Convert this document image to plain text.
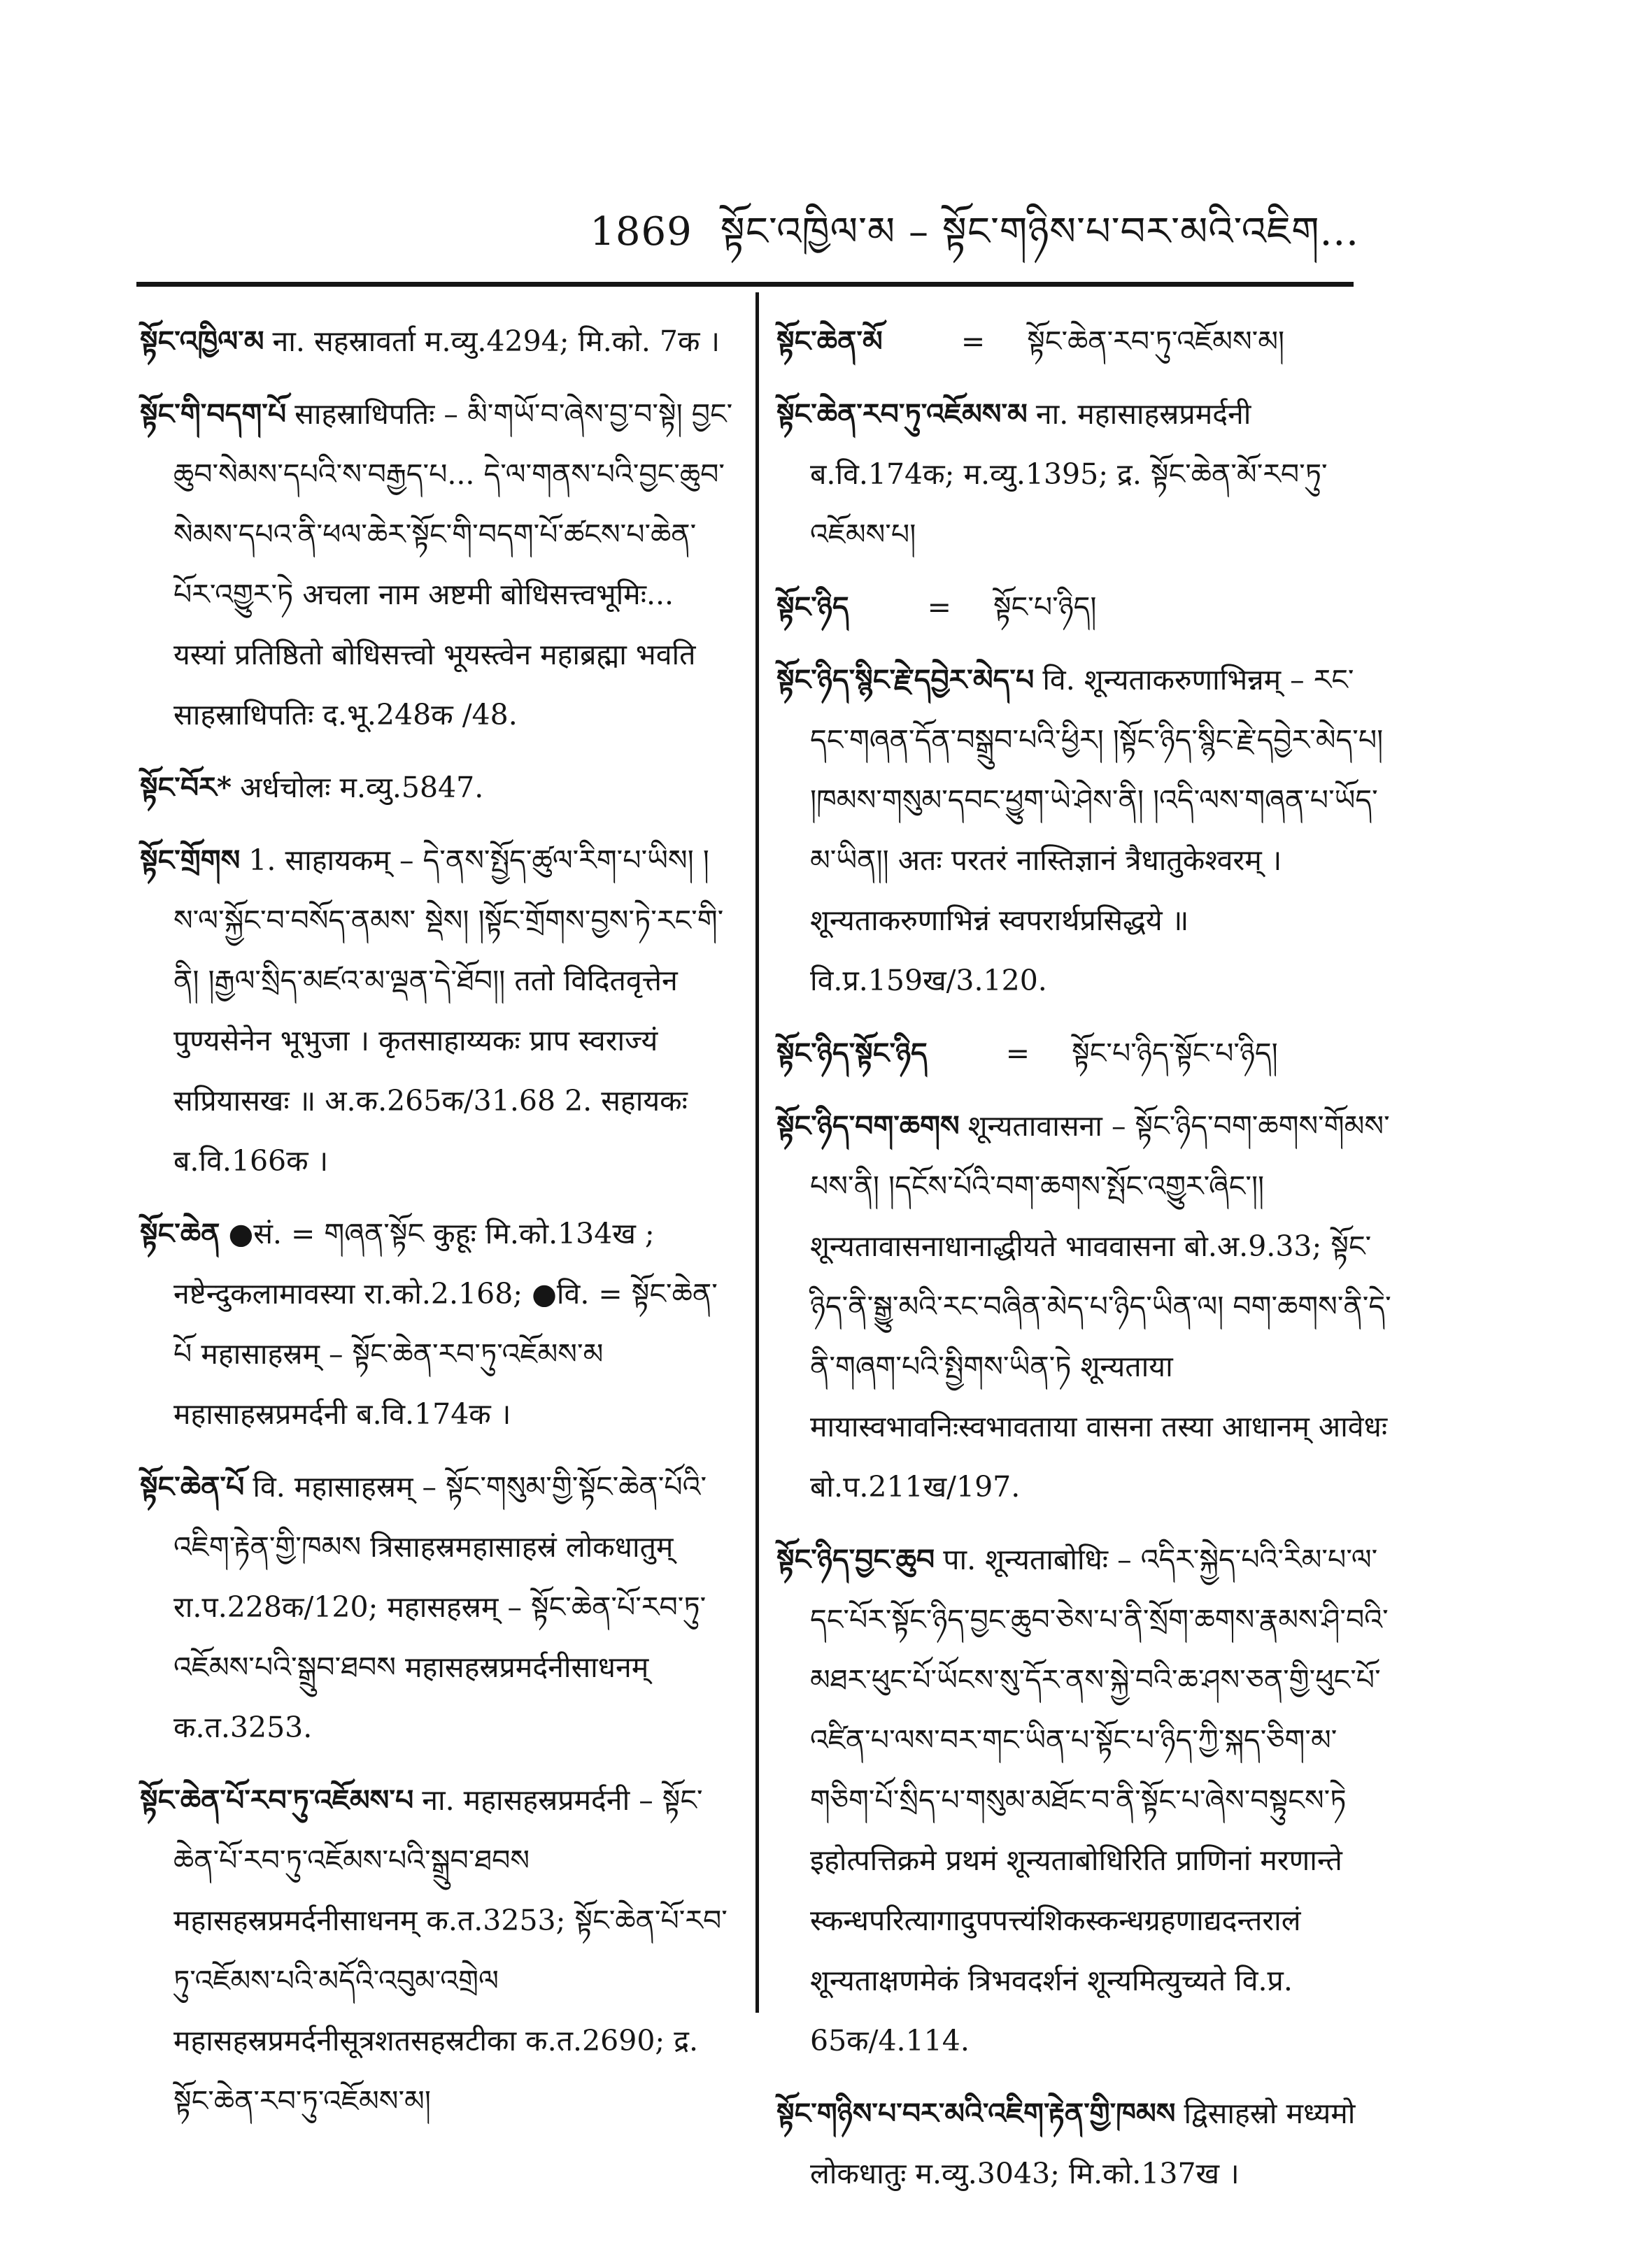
1869 སྟོང་འཁྱིལ་མ – སྟོང་གཉིས་པ་བར་མའི་འཇིག...

སྟོང་འཁྱིལ་མ ना. सहस्रावर्ता म.व्यु.4294; मि.को. 7क ।

སྟོང་གི་བདག་པོ साहस्राधिपतिः – མི་གཡོ་བ་ཞེས་བྱ་བ་སྟེ། བྱང་ཆུབ་སེམས་དཔའི་ས་བརྒྱད་པ... དེ་ལ་གནས་པའི་བྱང་ཆུབ་སེམས་དཔའ་ནི་ཕལ་ཆེར་སྟོང་གི་བདག་པོ་ཚངས་པ་ཆེན་པོར་འགྱུར་ཏེ अचला नाम अष्टमी बोधिसत्त्वभूमिः... यस्यां प्रतिष्ठितो बोधिसत्त्वो भूयस्त्वेन महाब्रह्मा भवति साहस्राधिपतिः द.भू.248क /48.

སྟོང་བོར* अर्धचोलः म.व्यु.5847.

སྟོང་གྲོགས 1. साहायकम् – དེ་ནས་སྤྱོད་ཚུལ་རིག་པ་ཡིས། །ས་ལ་སྐྱོང་བ་བསོད་ནམས་ སྡེས། །སྟོང་གྲོགས་བྱས་ཏེ་རང་གི་ནི། །རྒྱལ་སྲིད་མཛའ་མ་ལྡན་དེ་ཐོབ།། ततो विदितवृत्तेन पुण्यसेनेन भूभुजा । कृतसाहाय्यकः प्राप स्वराज्यं सप्रियासखः ॥ अ.क.265क/31.68 2. सहायकः ब.वि.166क ।

སྟོང་ཆེན ●सं. = གཞན་སྟོང कुहूः मि.को.134ख ; नष्टेन्दुकलामावस्या रा.को.2.168; ●वि. = སྟོང་ཆེན་པོ महासाहस्रम् – སྟོང་ཆེན་རབ་ཏུ་འཇོམས་མ महासाहस्रप्रमर्दनी ब.वि.174क ।

སྟོང་ཆེན་པོ वि. महासाहस्रम् – སྟོང་གསུམ་གྱི་སྟོང་ཆེན་པོའི་འཇིག་རྟེན་གྱི་ཁམས त्रिसाहस्रमहासाहस्रं लोकधातुम् रा.प.228क/120; महासहस्रम् – སྟོང་ཆེན་པོ་རབ་ཏུ་འཇོམས་པའི་སྒྲུབ་ཐབས महासहस्रप्रमर्दनीसाधनम् क.त.3253.

སྟོང་ཆེན་པོ་རབ་ཏུ་འཇོམས་པ ना. महासहस्रप्रमर्दनी – སྟོང་ཆེན་པོ་རབ་ཏུ་འཇོམས་པའི་སྒྲུབ་ཐབས महासहस्रप्रमर्दनीसाधनम् क.त.3253; སྟོང་ཆེན་པོ་རབ་ཏུ་འཇོམས་པའི་མདོའི་འབུམ་འགྲེལ महासहस्रप्रमर्दनीसूत्रशतसहस्रटीका क.त.2690; द्र. སྟོང་ཆེན་རབ་ཏུ་འཇོམས་མ།

སྟོང་ཆེན་མོ	= སྟོང་ཆེན་རབ་ཏུ་འཇོམས་མ།

སྟོང་ཆེན་རབ་ཏུ་འཇོམས་མ ना. महासाहस्रप्रमर्दनी ब.वि.174क; म.व्यु.1395; द्र. སྟོང་ཆེན་མོ་རབ་ཏུ་འཇོམས་པ།

སྟོང་ཉིད	= སྟོང་པ་ཉིད།

སྟོང་ཉིད་སྙིང་རྗེ་དབྱེར་མེད་པ वि. शून्यताकरुणाभिन्नम् – རང་དང་གཞན་དོན་བསྒྲུབ་པའི་ཕྱིར། །སྟོང་ཉིད་སྙིང་རྗེ་དབྱེར་མེད་པ། །ཁམས་གསུམ་དབང་ཕྱུག་ཡེ་ཤེས་ནི། །འདི་ལས་གཞན་པ་ཡོད་མ་ཡིན།། अतः परतरं नास्तिज्ञानं त्रैधातुकेश्वरम् । शून्यताकरुणाभिन्नं स्वपरार्थप्रसिद्धये ॥ वि.प्र.159ख/3.120.

སྟོང་ཉིད་སྟོང་ཉིད	= སྟོང་པ་ཉིད་སྟོང་པ་ཉིད།

སྟོང་ཉིད་བག་ཆགས शून्यतावासना – སྟོང་ཉིད་བག་ཆགས་གོམས་པས་ནི། །དངོས་པོའི་བག་ཆགས་སྤོང་འགྱུར་ཞིང་།། शून्यतावासनाधानाद्धीयते भाववासना बो.अ.9.33; སྟོང་ཉིད་ནི་སྒྱུ་མའི་རང་བཞིན་མེད་པ་ཉིད་ཡིན་ལ། བག་ཆགས་ནི་དེ་ནི་གཞག་པའི་སྤྱིགས་ཡིན་ཏེ शून्यताया मायास्वभावनिःस्वभावताया वासना तस्या आधानम् आवेधः बो.प.211ख/197.

སྟོང་ཉིད་བྱང་ཆུབ पा. शून्यताबोधिः – འདིར་སྐྱེད་པའི་རིམ་པ་ལ་དང་པོར་སྟོང་ཉིད་བྱང་ཆུབ་ཅེས་པ་ནི་སྲོག་ཆགས་རྣམས་ཤི་བའི་མཐར་ཕུང་པོ་ཡོངས་སུ་དོར་ནས་སྐྱེ་བའི་ཆ་ཤས་ཅན་གྱི་ཕུང་པོ་འཛིན་པ་ལས་བར་གང་ཡིན་པ་སྟོང་པ་ཉིད་ཀྱི་སྐད་ཅིག་མ་གཅིག་པོ་སྲིད་པ་གསུམ་མཐོང་བ་ནི་སྟོང་པ་ཞེས་བསྟུངས་ཏེ इहोत्पत्तिक्रमे प्रथमं शून्यताबोधिरिति प्राणिनां मरणान्ते स्कन्धपरित्यागादुपपत्त्यंशिकस्कन्धग्रहणाद्यदन्तरालं शून्यताक्षणमेकं त्रिभवदर्शनं शून्यमित्युच्यते वि.प्र. 65क/4.114.

སྟོང་གཉིས་པ་བར་མའི་འཇིག་རྟེན་གྱི་ཁམས द्विसाहस्रो मध्यमो लोकधातुः म.व्यु.3043; मि.को.137ख ।
